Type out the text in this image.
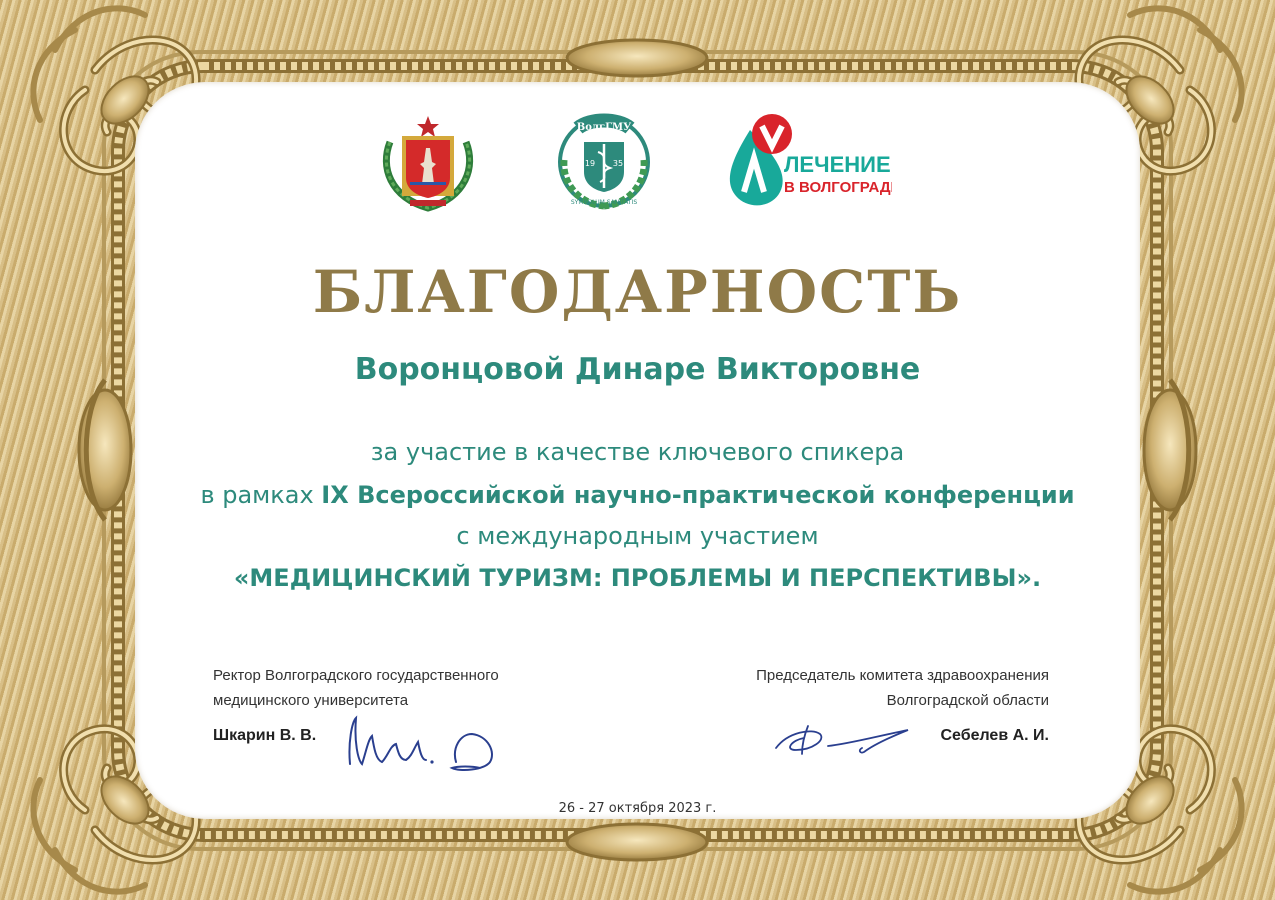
ВолгГМУ
19 35
SYMBOLUM SANITATIS
ЛЕЧЕНИЕ
В ВОЛГОГРАДЕ
БЛАГОДАРНОСТЬ
Воронцовой Динаре Викторовне
за участие в качестве ключевого спикера
в рамках IX Всероссийской научно-практической конференции
с международным участием
«МЕДИЦИНСКИЙ ТУРИЗМ: ПРОБЛЕМЫ И ПЕРСПЕКТИВЫ».
Ректор Волгоградского государственного
медицинского университета
Шкарин В. В.
Председатель комитета здравоохранения
Волгоградской области
Себелев А. И.
26 - 27 октября 2023 г.
